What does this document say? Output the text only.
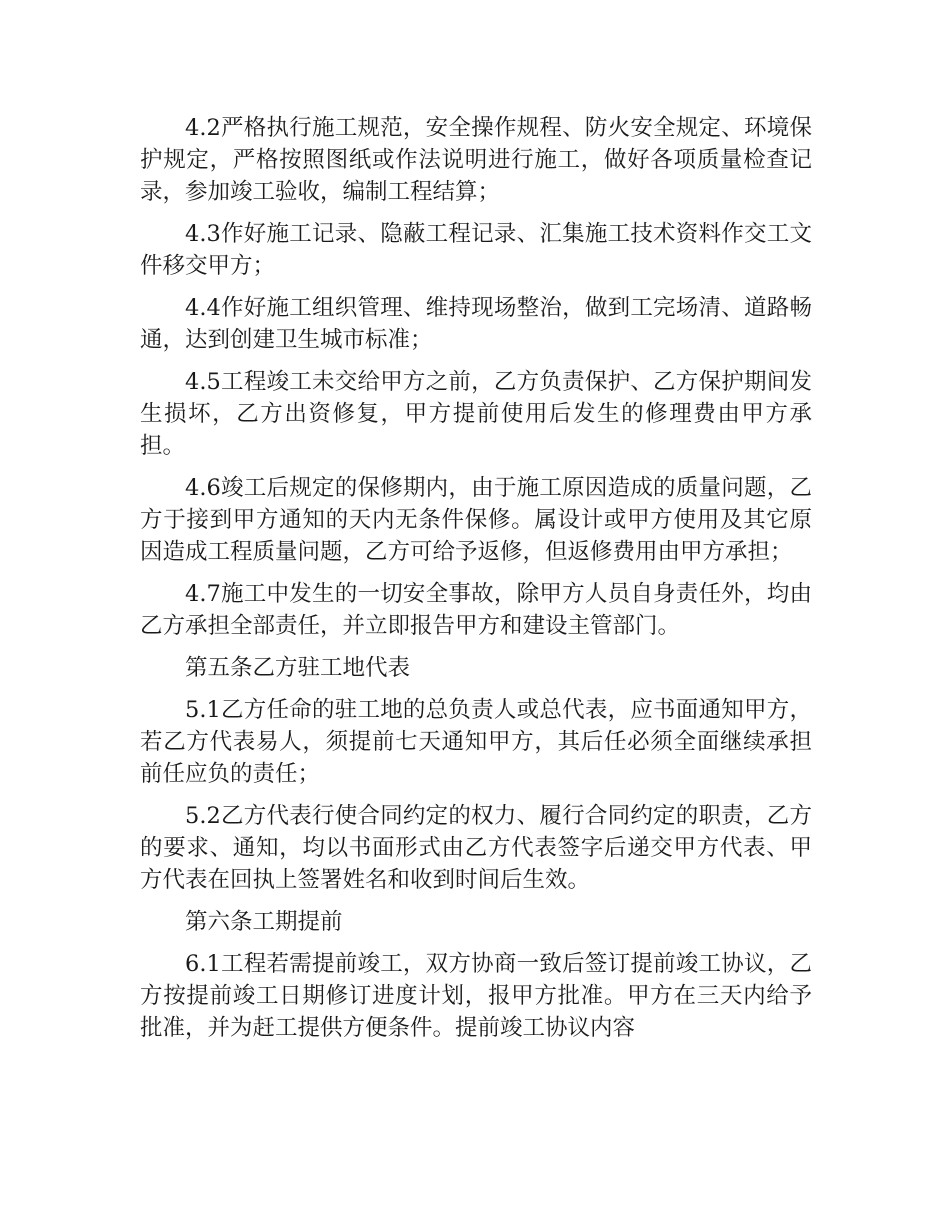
4.2严格执行施工规范，安全操作规程、防火安全规定、环境保护规定，严格按照图纸或作法说明进行施工，做好各项质量检查记录，参加竣工验收，编制工程结算；

4.3作好施工记录、隐蔽工程记录、汇集施工技术资料作交工文件移交甲方；

4.4作好施工组织管理、维持现场整治，做到工完场清、道路畅通，达到创建卫生城市标准；

4.5工程竣工未交给甲方之前，乙方负责保护、乙方保护期间发生损坏，乙方出资修复，甲方提前使用后发生的修理费由甲方承担。

4.6竣工后规定的保修期内，由于施工原因造成的质量问题，乙方于接到甲方通知的天内无条件保修。属设计或甲方使用及其它原因造成工程质量问题，乙方可给予返修，但返修费用由甲方承担；

4.7施工中发生的一切安全事故，除甲方人员自身责任外，均由乙方承担全部责任，并立即报告甲方和建设主管部门。

第五条乙方驻工地代表

5.1乙方任命的驻工地的总负责人或总代表，应书面通知甲方，若乙方代表易人，须提前七天通知甲方，其后任必须全面继续承担前任应负的责任；

5.2乙方代表行使合同约定的权力、履行合同约定的职责，乙方的要求、通知，均以书面形式由乙方代表签字后递交甲方代表、甲方代表在回执上签署姓名和收到时间后生效。

第六条工期提前

6.1工程若需提前竣工，双方协商一致后签订提前竣工协议，乙方按提前竣工日期修订进度计划，报甲方批准。甲方在三天内给予批准，并为赶工提供方便条件。提前竣工协议内容
